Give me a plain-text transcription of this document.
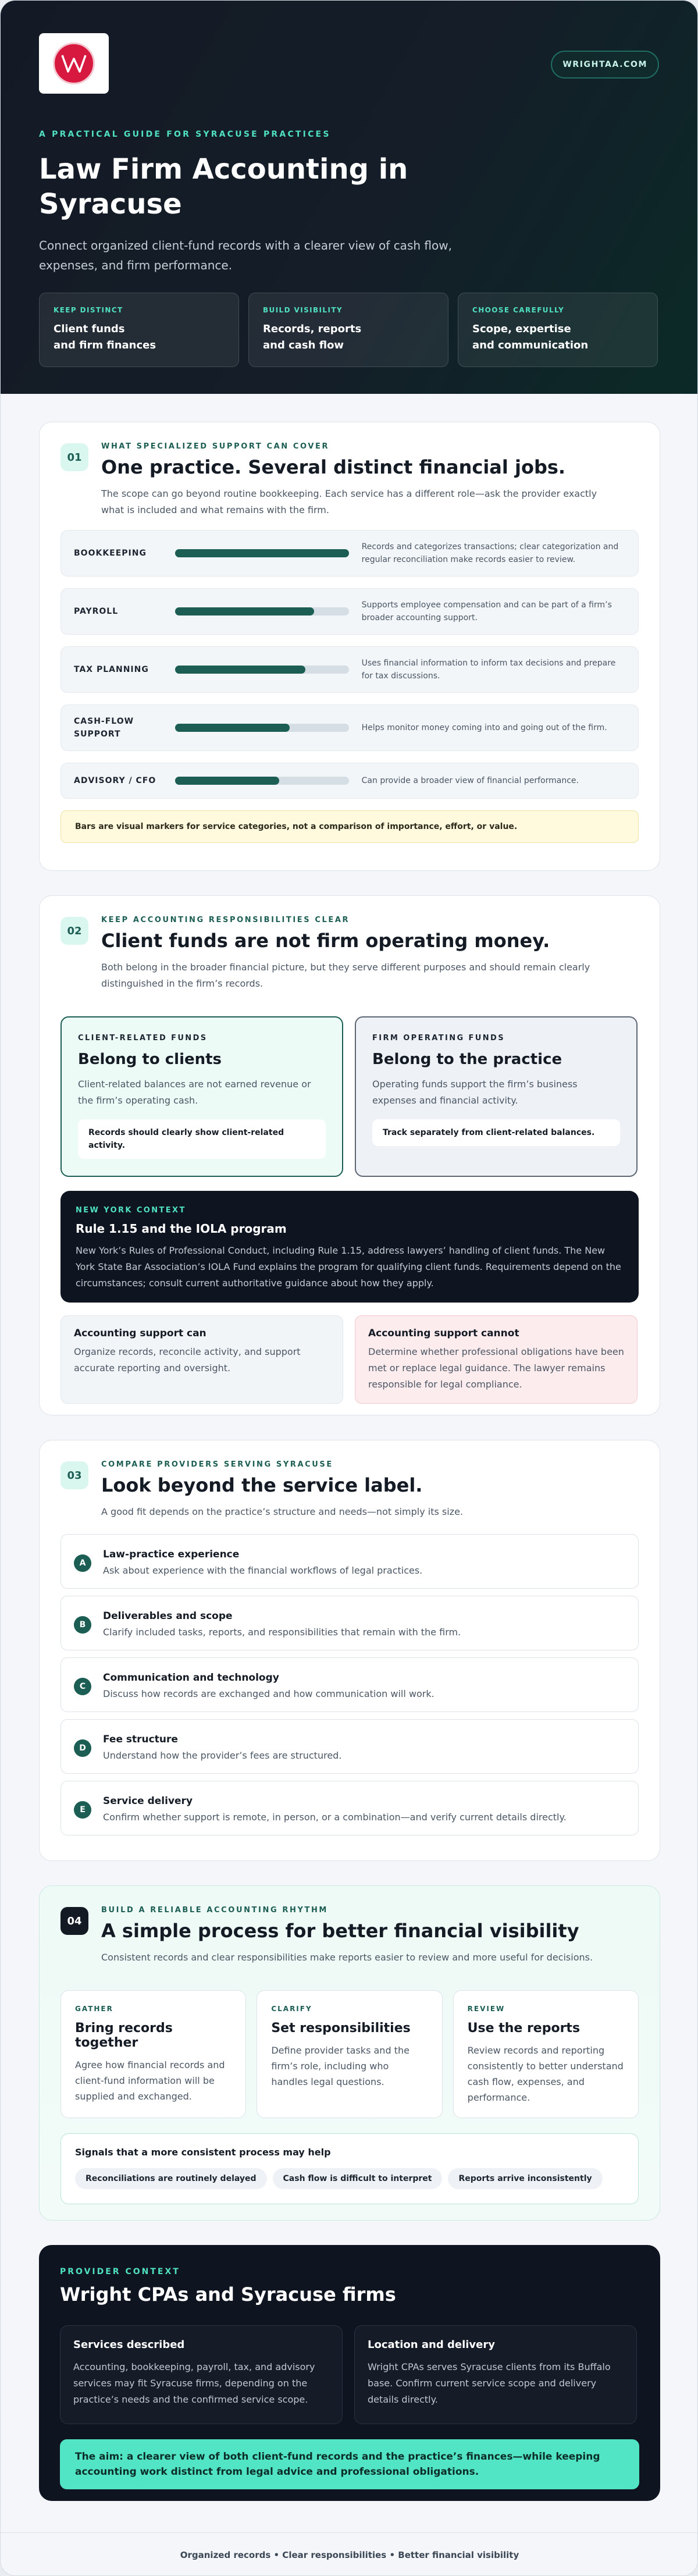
WRIGHTAA.COM
A PRACTICAL GUIDE FOR SYRACUSE PRACTICES
Law Firm Accounting in Syracuse

Connect organized client-fund records with a clearer view of cash flow, expenses, and firm performance.

KEEP DISTINCT
Client funds
and firm finances
BUILD VISIBILITY
Records, reports
and cash flow
CHOOSE CAREFULLY
Scope, expertise
and communication
01
WHAT SPECIALIZED SUPPORT CAN COVER
One practice. Several distinct financial jobs.

The scope can go beyond routine bookkeeping. Each service has a different role—ask the provider exactly what is included and what remains with the firm.

BOOKKEEPING
Records and categorizes transactions; clear categorization and regular reconciliation make records easier to review.
PAYROLL
Supports employee compensation and can be part of a firm’s broader accounting support.
TAX PLANNING
Uses financial information to inform tax decisions and prepare for tax discussions.
CASH-FLOW SUPPORT
Helps monitor money coming into and going out of the firm.
ADVISORY / CFO	Can provide a broader view of financial performance.
Bars are visual markers for service categories, not a comparison of importance, effort, or value.
02
KEEP ACCOUNTING RESPONSIBILITIES CLEAR
Client funds are not firm operating money.

Both belong in the broader financial picture, but they serve different purposes and should remain clearly distinguished in the firm’s records.

CLIENT-RELATED FUNDS
Belong to clients
Client-related balances are not earned revenue or the firm’s operating cash.
Records should clearly show client-related activity.
FIRM OPERATING FUNDS
Belong to the practice
Operating funds support the firm’s business expenses and financial activity.
Track separately from client-related balances.
NEW YORK CONTEXT
Rule 1.15 and the IOLA program
New York’s Rules of Professional Conduct, including Rule 1.15, address lawyers’ handling of client funds. The New York State Bar Association’s IOLA Fund explains the program for qualifying client funds. Requirements depend on the circumstances; consult current authoritative guidance about how they apply.
Accounting support can
Organize records, reconcile activity, and support accurate reporting and oversight.
Accounting support cannot
Determine whether professional obligations have been met or replace legal guidance. The lawyer remains responsible for legal compliance.
03
COMPARE PROVIDERS SERVING SYRACUSE
Look beyond the service label.

A good fit depends on the practice’s structure and needs—not simply its size.

A
Law-practice experience
Ask about experience with the financial workflows of legal practices.
B
Deliverables and scope
Clarify included tasks, reports, and responsibilities that remain with the firm.
C
Communication and technology
Discuss how records are exchanged and how communication will work.
D
Fee structure
Understand how the provider’s fees are structured.
E
Service delivery
Confirm whether support is remote, in person, or a combination—and verify current details directly.
04
BUILD A RELIABLE ACCOUNTING RHYTHM
A simple process for better financial visibility

Consistent records and clear responsibilities make reports easier to review and more useful for decisions.

GATHER
Bring records together
Agree how financial records and client-fund information will be supplied and exchanged.
CLARIFY
Set responsibilities
Define provider tasks and the firm’s role, including who handles legal questions.
REVIEW
Use the reports
Review records and reporting consistently to better understand cash flow, expenses, and performance.
Signals that a more consistent process may help
Reconciliations are routinely delayed	Cash flow is difficult to interpret	Reports arrive inconsistently
PROVIDER CONTEXT
Wright CPAs and Syracuse firms
Services described
Accounting, bookkeeping, payroll, tax, and advisory services may fit Syracuse firms, depending on the practice’s needs and the confirmed service scope.
Location and delivery
Wright CPAs serves Syracuse clients from its Buffalo base. Confirm current service scope and delivery details directly.
The aim: a clearer view of both client-fund records and the practice’s finances—while keeping accounting work distinct from legal advice and professional obligations.
Organized records • Clear responsibilities • Better financial visibility
